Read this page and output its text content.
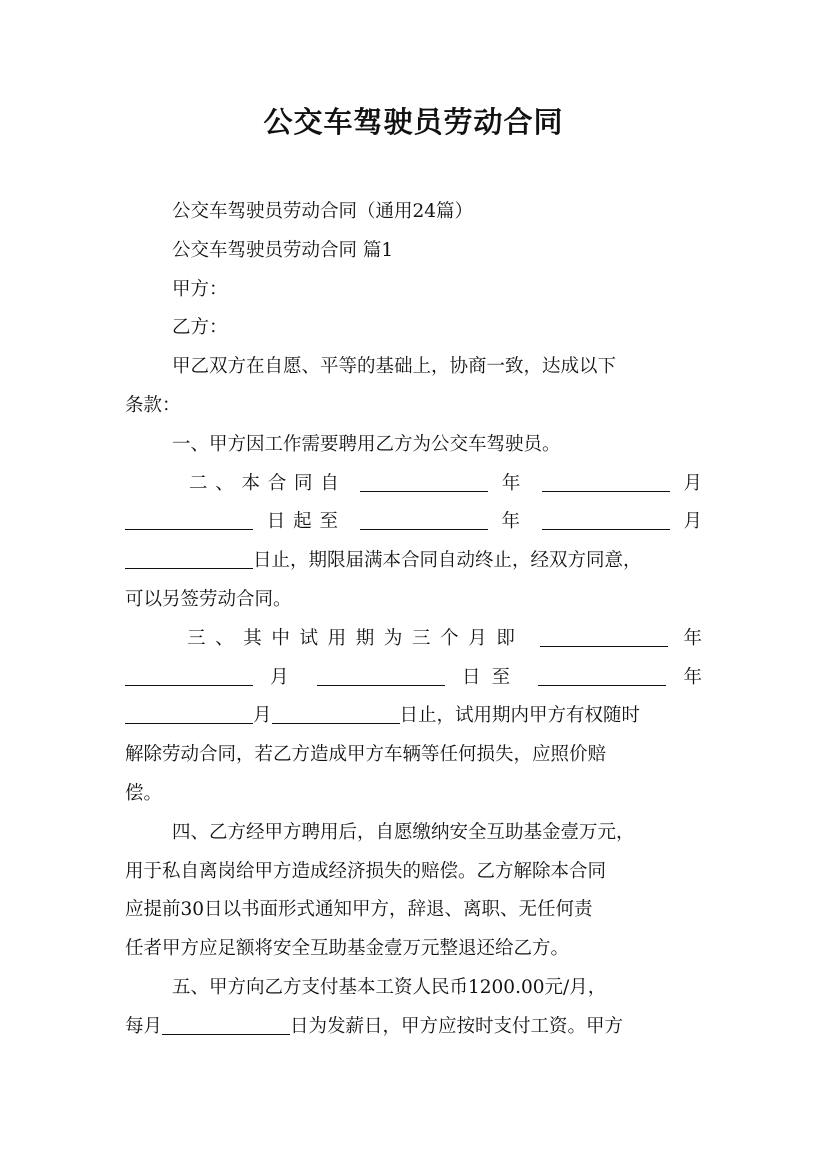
公交车驾驶员劳动合同

公交车驾驶员劳动合同（通用24篇）

公交车驾驶员劳动合同 篇1

甲方：

乙方：

甲乙双方在自愿、平等的基础上，协商一致，达成以下

条款：

一、甲方因工作需要聘用乙方为公交车驾驶员。

二、本合同自	年	月
日起至	年	月
日止，期限届满本合同自动终止，经双方同意，

可以另签劳动合同。

三、其中试用期为三个月即	年
月	日至	年
月	日止，试用期内甲方有权随时

解除劳动合同，若乙方造成甲方车辆等任何损失，应照价赔

偿。

四、乙方经甲方聘用后，自愿缴纳安全互助基金壹万元，

用于私自离岗给甲方造成经济损失的赔偿。乙方解除本合同

应提前30日以书面形式通知甲方，辞退、离职、无任何责

任者甲方应足额将安全互助基金壹万元整退还给乙方。

五、甲方向乙方支付基本工资人民币1200.00元/月，

每月	日为发薪日，甲方应按时支付工资。甲方
